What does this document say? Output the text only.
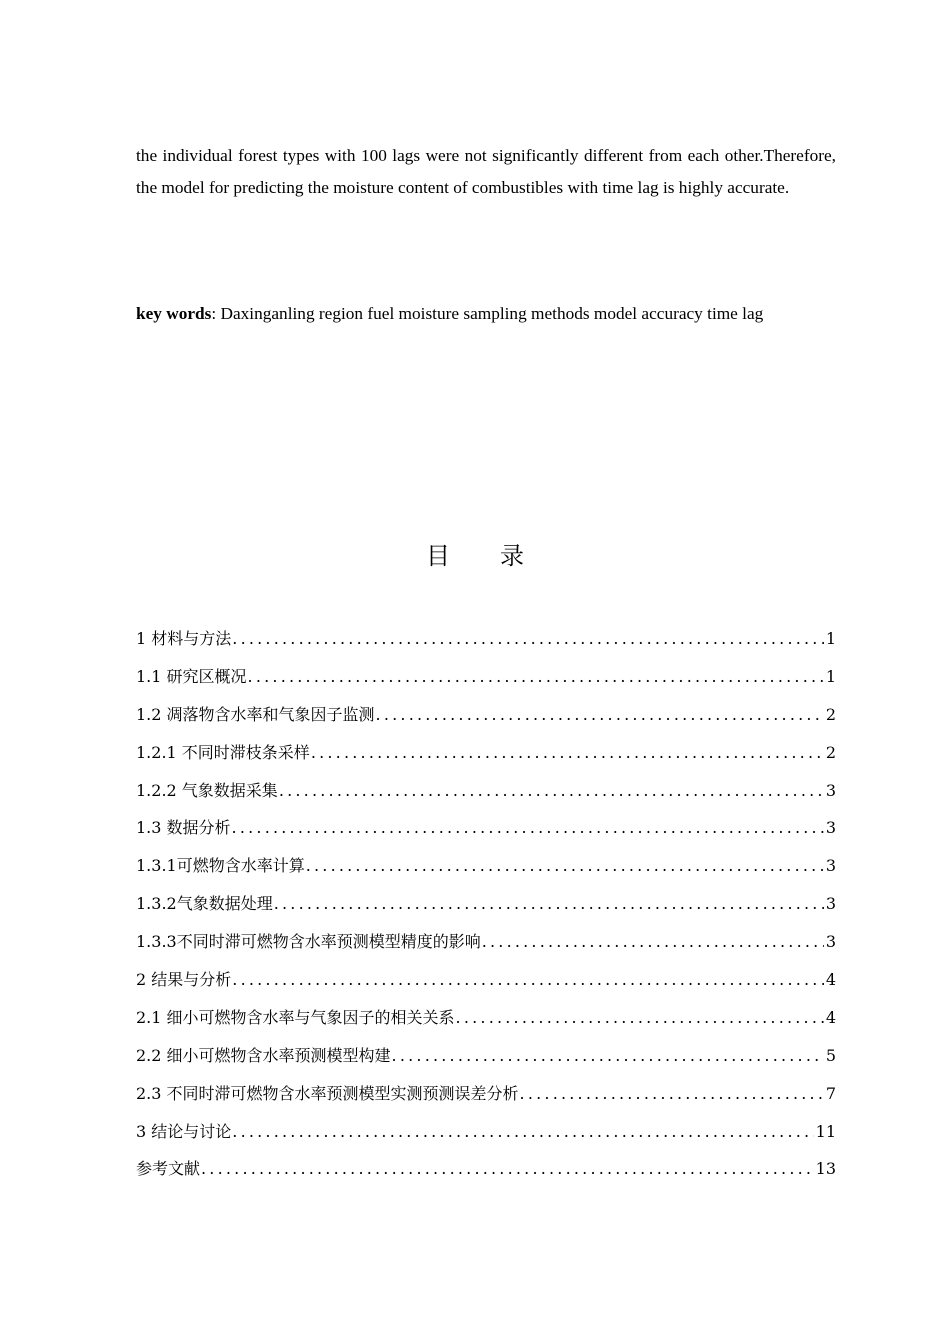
the individual forest types with 100 lags were not significantly different from each other.Therefore, the model for predicting the moisture content of combustibles with time lag is highly accurate.

key words: Daxinganling region fuel moisture sampling methods model accuracy time lag
目 录
1 材料与方法 .....	1
1.1 研究区概况 .....	1
1.2 凋落物含水率和气象因子监测 .....	2
1.2.1 不同时滞枝条采样 .....	2
1.2.2 气象数据采集 .....	3
1.3 数据分析 .....	3
1.3.1可燃物含水率计算 .....	3
1.3.2气象数据处理 .....	3
1.3.3不同时滞可燃物含水率预测模型精度的影响 .....	3
2 结果与分析 .....	4
2.1 细小可燃物含水率与气象因子的相关关系 .....	4
2.2 细小可燃物含水率预测模型构建 .....	5
2.3 不同时滞可燃物含水率预测模型实测预测误差分析 .....	7
3 结论与讨论 .....	11
参考文献 .....	13
